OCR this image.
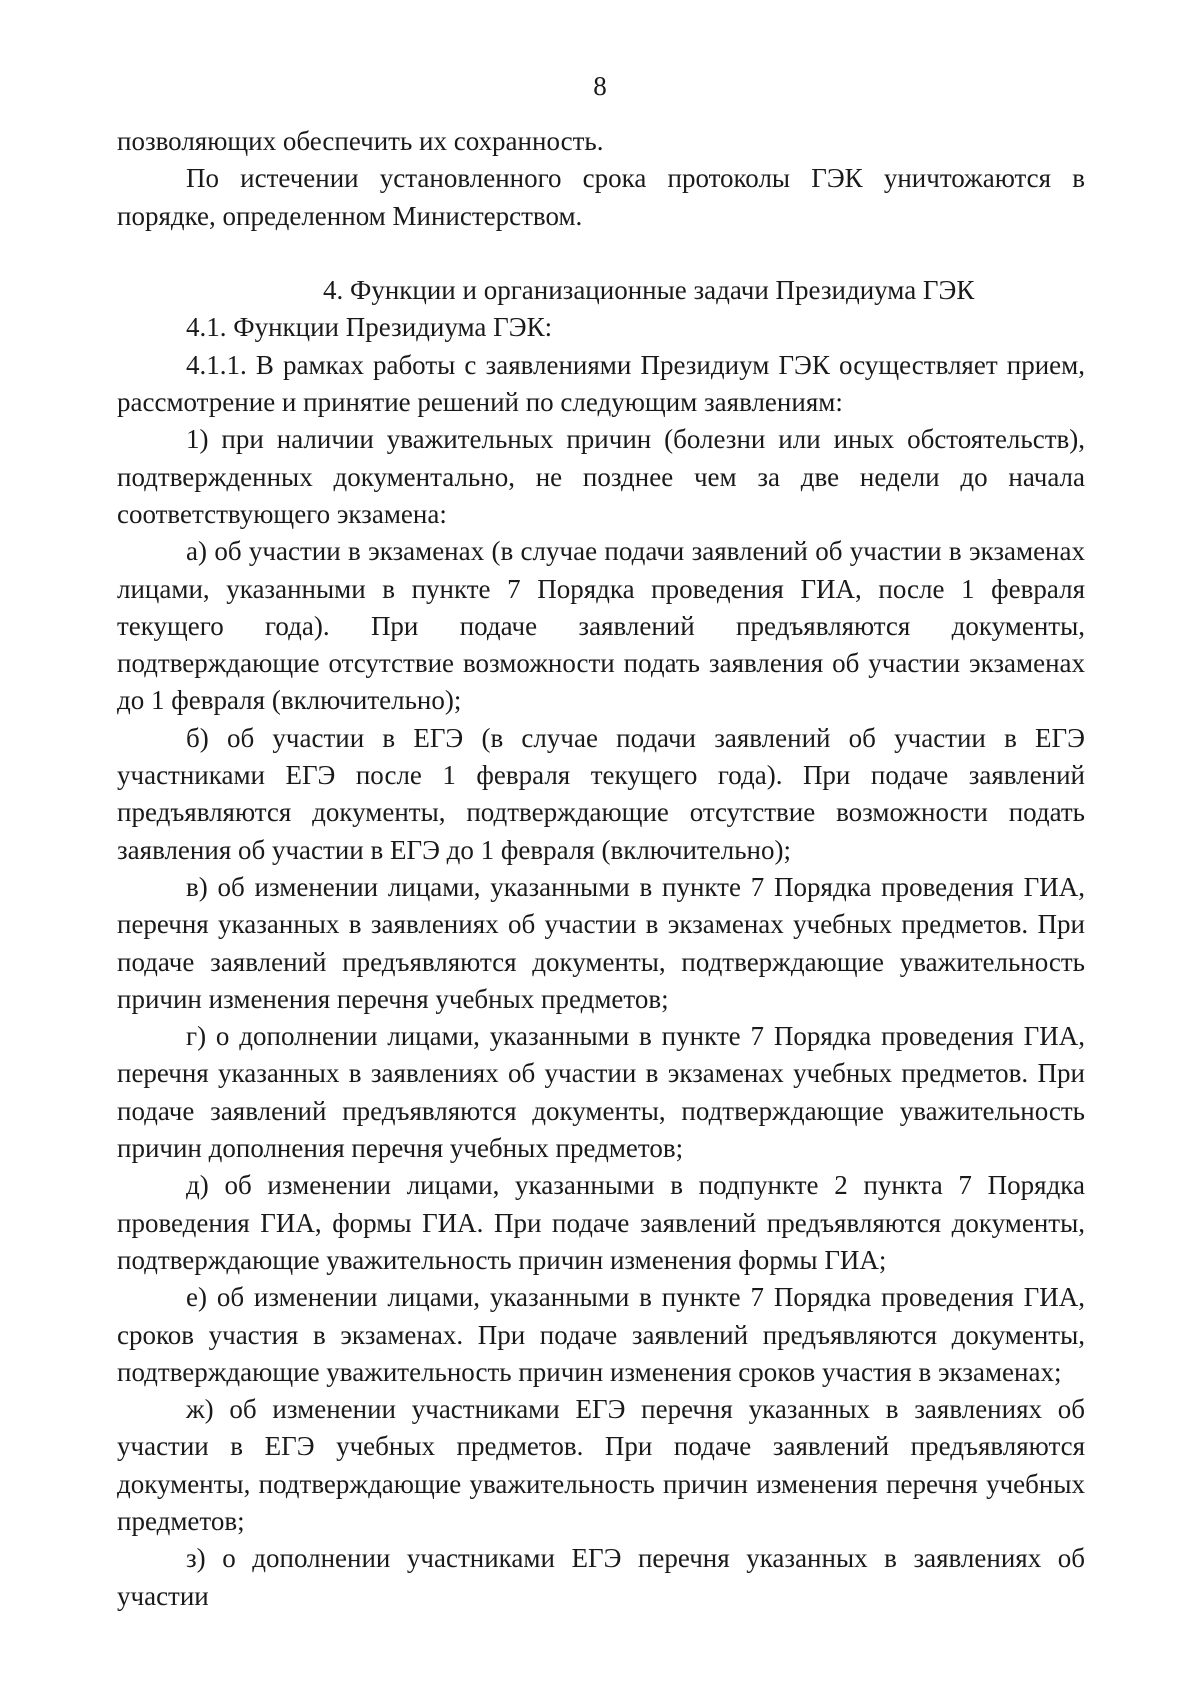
8

позволяющих обеспечить их сохранность.

По истечении установленного срока протоколы ГЭК уничтожаются в порядке, определенном Министерством.

4. Функции и организационные задачи Президиума ГЭК

4.1. Функции Президиума ГЭК:

4.1.1. В рамках работы с заявлениями Президиум ГЭК осуществляет прием, рассмотрение и принятие решений по следующим заявлениям:

1) при наличии уважительных причин (болезни или иных обстоятельств), подтвержденных документально, не позднее чем за две недели до начала соответствующего экзамена:

а) об участии в экзаменах (в случае подачи заявлений об участии в экзаменах лицами, указанными в пункте 7 Порядка проведения ГИА, после 1 февраля текущего года). При подаче заявлений предъявляются документы, подтверждающие отсутствие возможности подать заявления об участии экзаменах до 1 февраля (включительно);

б) об участии в ЕГЭ (в случае подачи заявлений об участии в ЕГЭ участниками ЕГЭ после 1 февраля текущего года). При подаче заявлений предъявляются документы, подтверждающие отсутствие возможности подать заявления об участии в ЕГЭ до 1 февраля (включительно);

в) об изменении лицами, указанными в пункте 7 Порядка проведения ГИА, перечня указанных в заявлениях об участии в экзаменах учебных предметов. При подаче заявлений предъявляются документы, подтверждающие уважительность причин изменения перечня учебных предметов;

г) о дополнении лицами, указанными в пункте 7 Порядка проведения ГИА, перечня указанных в заявлениях об участии в экзаменах учебных предметов. При подаче заявлений предъявляются документы, подтверждающие уважительность причин дополнения перечня учебных предметов;

д) об изменении лицами, указанными в подпункте 2 пункта 7 Порядка проведения ГИА, формы ГИА. При подаче заявлений предъявляются документы, подтверждающие уважительность причин изменения формы ГИА;

е) об изменении лицами, указанными в пункте 7 Порядка проведения ГИА, сроков участия в экзаменах. При подаче заявлений предъявляются документы, подтверждающие уважительность причин изменения сроков участия в экзаменах;

ж) об изменении участниками ЕГЭ перечня указанных в заявлениях об участии в ЕГЭ учебных предметов. При подаче заявлений предъявляются документы, подтверждающие уважительность причин изменения перечня учебных предметов;

з) о дополнении участниками ЕГЭ перечня указанных в заявлениях об участии
